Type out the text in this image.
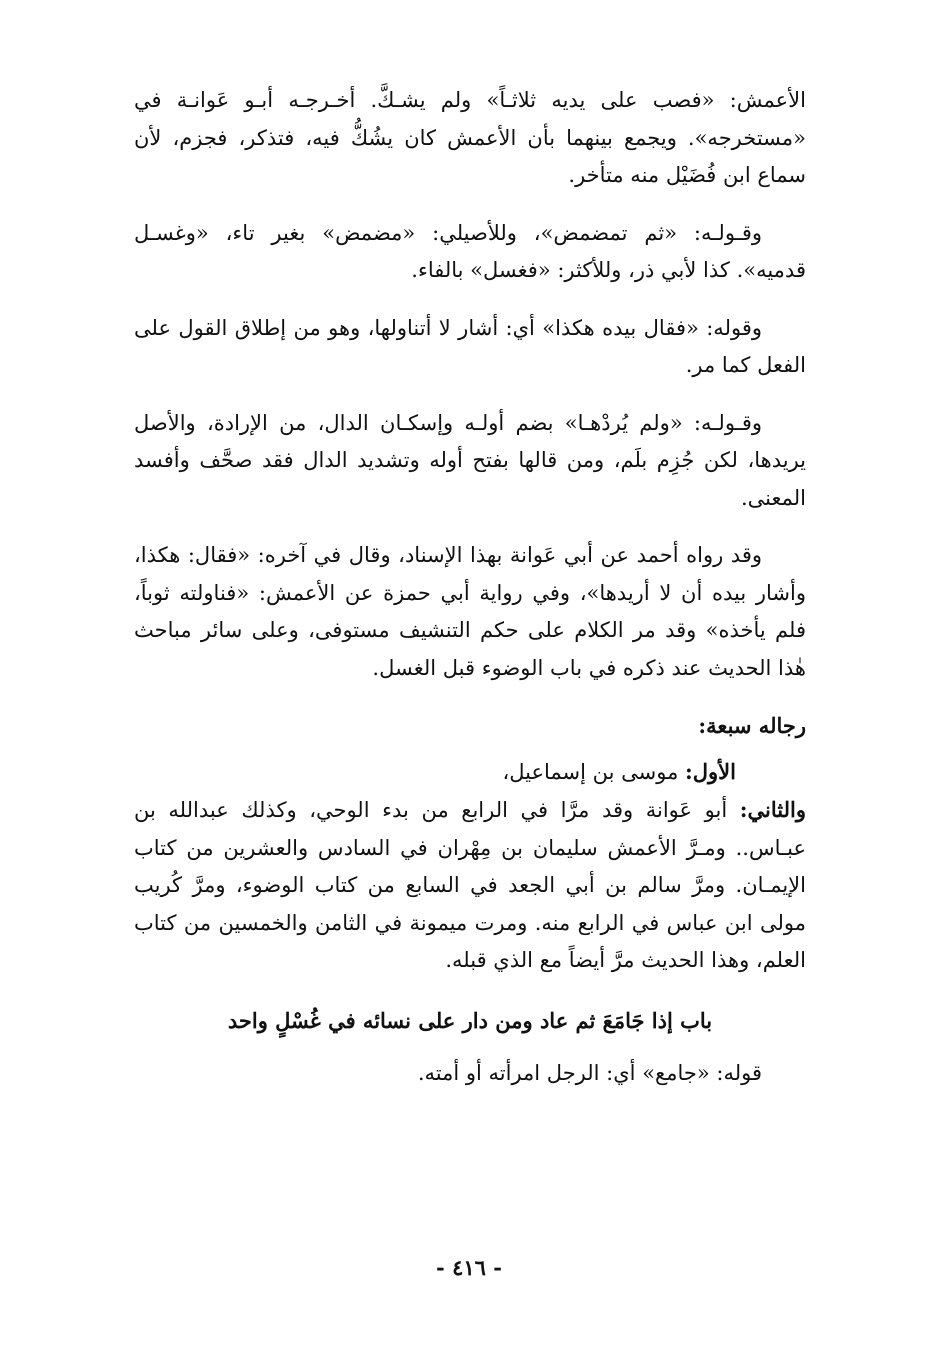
الأعمش: «فصب على يديه ثلاثـاً» ولم يشـكَّ. أخـرجـه أبـو عَوانـة في «مستخرجه». ويجمع بينهما بأن الأعمش كان يشُكُّ فيه، فتذكر، فجزم، لأن سماع ابن فُضَيْل منه متأخر.

وقـولـه: «ثم تمضمض»، وللأصيلي: «مضمض» بغير تاء، «وغسـل قدميه». كذا لأبي ذر، وللأكثر: «فغسل» بالفاء.

وقوله: «فقال بيده هكذا» أي: أشار لا أتناولها، وهو من إطلاق القول على الفعل كما مر.

وقـولـه: «ولم يُردْهـا» بضم أولـه وإسكـان الدال، من الإرادة، والأصل يريدها، لكن جُزِم بلَم، ومن قالها بفتح أوله وتشديد الدال فقد صحَّف وأفسد المعنى.

وقد رواه أحمد عن أبي عَوانة بهذا الإسناد، وقال في آخره: «فقال: هكذا، وأشار بيده أن لا أريدها»، وفي رواية أبي حمزة عن الأعمش: «فناولته ثوباً، فلم يأخذه» وقد مر الكلام على حكم التنشيف مستوفى، وعلى سائر مباحث هٰذا الحديث عند ذكره في باب الوضوء قبل الغسل.

رجاله سبعة:

الأول: موسى بن إسماعيل،

والثاني: أبو عَوانة وقد مرَّا في الرابع من بدء الوحي، وكذلك عبدالله بن عبـاس.. ومـرَّ الأعمش سليمان بن مِهْران في السادس والعشرين من كتاب الإيمـان. ومرَّ سالم بن أبي الجعد في السابع من كتاب الوضوء، ومرَّ كُريب مولى ابن عباس في الرابع منه. ومرت ميمونة في الثامن والخمسين من كتاب العلم، وهذا الحديث مرَّ أيضاً مع الذي قبله.

باب إذا جَامَعَ ثم عاد ومن دار على نسائه في غُسْلٍ واحد

قوله: «جامع» أي: الرجل امرأته أو أمته.

- ٤١٦ -
